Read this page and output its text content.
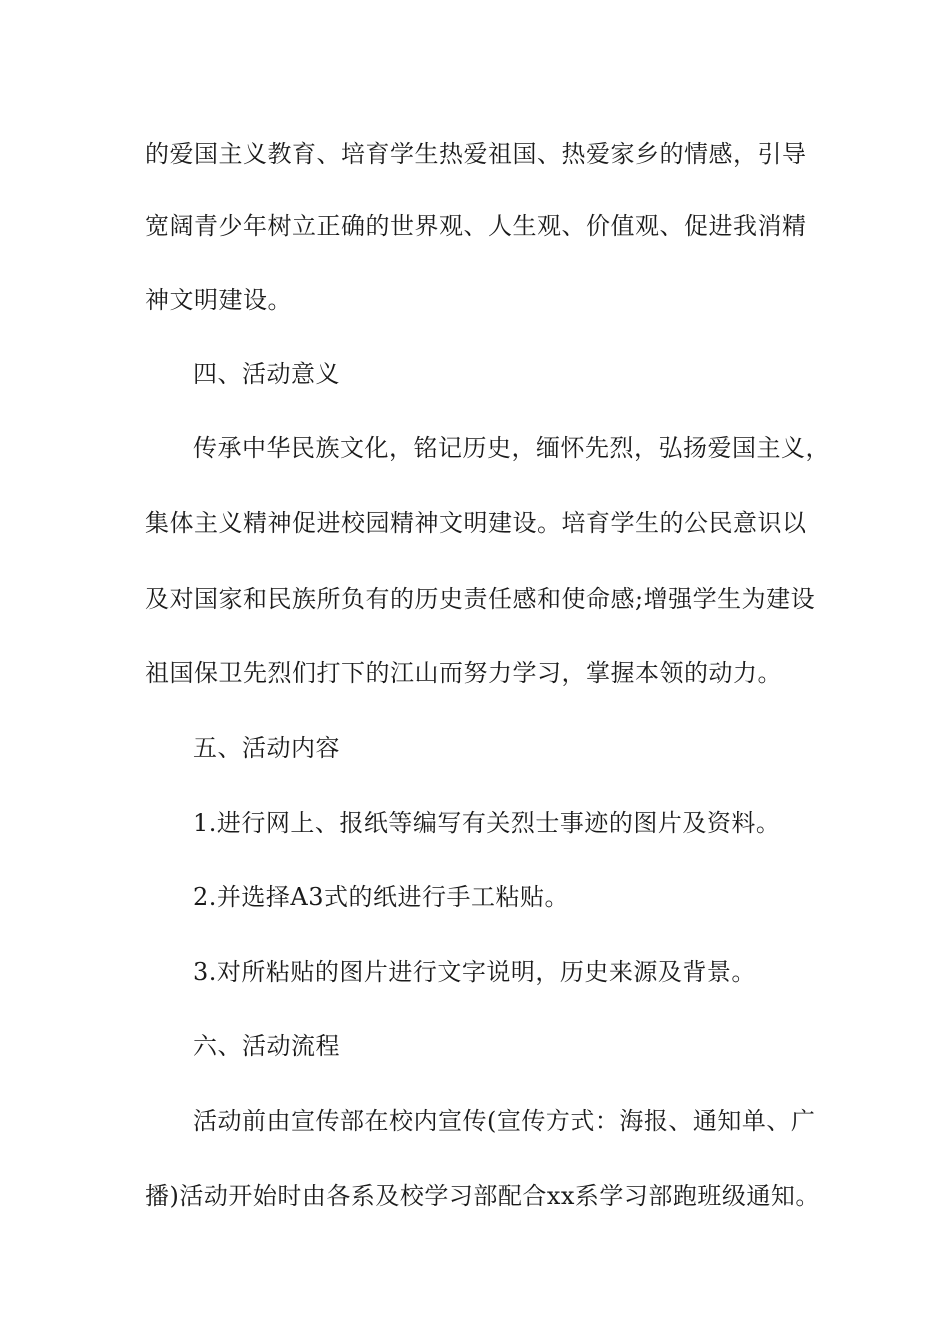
的爱国主义教育、培育学生热爱祖国、热爱家乡的情感，引导
宽阔青少年树立正确的世界观、人生观、价值观、促进我消精
神文明建设。
四、活动意义
传承中华民族文化，铭记历史，缅怀先烈，弘扬爱国主义，
集体主义精神促进校园精神文明建设。培育学生的公民意识以
及对国家和民族所负有的历史责任感和使命感;增强学生为建设
祖国保卫先烈们打下的江山而努力学习，掌握本领的动力。
五、活动内容
1.进行网上、报纸等编写有关烈士事迹的图片及资料。
2.并选择A3式的纸进行手工粘贴。
3.对所粘贴的图片进行文字说明，历史来源及背景。
六、活动流程
活动前由宣传部在校内宣传(宣传方式：海报、通知单、广
播)活动开始时由各系及校学习部配合xx系学习部跑班级通知。
